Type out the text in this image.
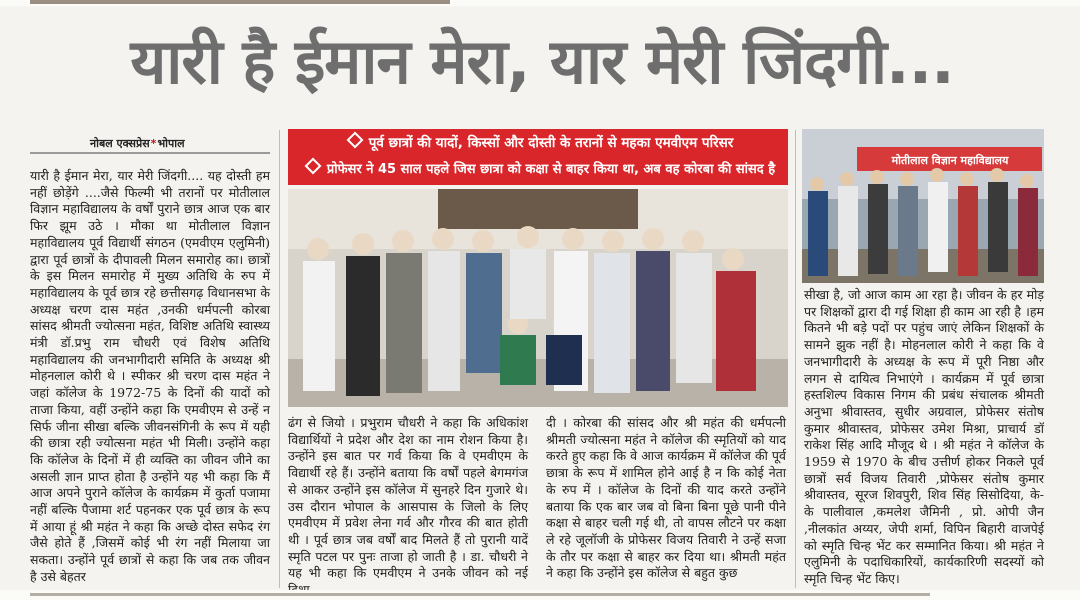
यारी है ईमान मेरा, यार मेरी जिंदगी...
नोबल एक्सप्रेस*भोपाल

यारी है ईमान मेरा, यार मेरी जिंदगी.... यह दोस्ती हम नहीं छोड़ेंगे ....जैसे फिल्मी भी तरानों पर मोतीलाल विज्ञान महाविद्यालय के वर्षों पुराने छात्र आज एक बार फिर झूम उठे । मौका था मोतीलाल विज्ञान महाविद्यालय पूर्व विद्यार्थी संगठन (एमवीएम एलुमिनी) द्वारा पूर्व छात्रों के दीपावली मिलन समारोह का। छात्रों के इस मिलन समारोह में मुख्य अतिथि के रुप में महाविद्यालय के पूर्व छात्र रहे छत्तीसगढ़ विधानसभा के अध्यक्ष चरण दास महंत ,उनकी धर्मपत्नी कोरबा सांसद श्रीमती ज्योत्सना महंत, विशिष्ट अतिथि स्वास्थ्य मंत्री डॉ.प्रभु राम चौधरी एवं विशेष अतिथि महाविद्यालय की जनभागीदारी समिति के अध्यक्ष श्री मोहनलाल कोरी थे । स्पीकर श्री चरण दास महंत ने जहां कॉलेज के 1972-75 के दिनों की यादों को ताजा किया, वहीं उन्होंने कहा कि एमवीएम से उन्हें न सिर्फ जीना सीखा बल्कि जीवनसंगिनी के रूप में यही की छात्रा रही ज्योत्सना महंत भी मिली। उन्होंने कहा कि कॉलेज के दिनों में ही व्यक्ति का जीवन जीने का असली ज्ञान प्राप्त होता है उन्होंने यह भी कहा कि मैं आज अपने पुराने कॉलेज के कार्यक्रम में कुर्ता पजामा नहीं बल्कि पैजामा शर्ट पहनकर एक पूर्व छात्र के रूप में आया हूं श्री महंत ने कहा कि अच्छे दोस्त सफेद रंग जैसे होते हैं ,जिसमें कोई भी रंग नहीं मिलाया जा सकता। उन्होंने पूर्व छात्रों से कहा कि जब तक जीवन है उसे बेहतर

पूर्व छात्रों की यादों, किस्सों और दोस्ती के तरानों से महका एमवीएम परिसर
प्रोफेसर ने 45 साल पहले जिस छात्रा को कक्षा से बाहर किया था, अब वह कोरबा की सांसद है
मोतीलाल विज्ञान महाविद्यालय

ढंग से जियो । प्रभुराम चौधरी ने कहा कि अधिकांश विद्यार्थियों ने प्रदेश और देश का नाम रोशन किया है। उन्होंने इस बात पर गर्व किया कि वे एमवीएम के विद्यार्थी रहे हैं। उन्होंने बताया कि वर्षों पहले बेगमगंज से आकर उन्होंने इस कॉलेज में सुनहरे दिन गुजारे थे। उस दौरान भोपाल के आसपास के जिलो के लिए एमवीएम में प्रवेश लेना गर्व और गौरव की बात होती थी । पूर्व छात्र जब वर्षों बाद मिलते हैं तो पुरानी यादें स्मृति पटल पर पुनः ताजा हो जाती है । डा. चौधरी ने यह भी कहा कि एमवीएम ने उनके जीवन को नई

दी । कोरबा की सांसद और श्री महंत की धर्मपत्नी श्रीमती ज्योत्सना महंत ने कॉलेज की स्मृतियों को याद करते हुए कहा कि वे आज कार्यक्रम में कॉलेज की पूर्व छात्रा के रूप में शामिल होने आई है न कि कोई नेता के रुप में । कॉलेज के दिनों की याद करते उन्होंने बताया कि एक बार जब वो बिना बिना पूछे पानी पीने कक्षा से बाहर चली गई थी, तो वापस लौटने पर कक्षा ले रहे जूलॉजी के प्रोफेसर विजय तिवारी ने उन्हें सजा के तौर पर कक्षा से बाहर कर दिया था। श्रीमती महंत ने कहा कि उन्होंने इस कॉलेज से बहुत कुछ

सीखा है, जो आज काम आ रहा है। जीवन के हर मोड़ पर शिक्षकों द्वारा दी गई शिक्षा ही काम आ रही है ।हम कितने भी बड़े पदों पर पहुंच जाएं लेकिन शिक्षकों के सामने झुक नहीं है। मोहनलाल कोरी ने कहा कि वे जनभागीदारी के अध्यक्ष के रूप में पूरी निष्ठा और लगन से दायित्व निभाएंगे । कार्यक्रम में पूर्व छात्रा हस्तशिल्प विकास निगम की प्रबंध संचालक श्रीमती अनुभा श्रीवास्तव, सुधीर अग्रवाल, प्रोफेसर संतोष कुमार श्रीवास्तव, प्रोफेसर उमेश मिश्रा, प्राचार्य डॉ राकेश सिंह आदि मौजूद थे । श्री महंत ने कॉलेज के 1959 से 1970 के बीच उत्तीर्ण होकर निकले पूर्व छात्रों सर्व विजय तिवारी ,प्रोफेसर संतोष कुमार श्रीवास्तव, सूरज शिवपुरी, शिव सिंह सिसोदिया, के- के पालीवाल ,कमलेश जैमिनी , प्रो. ओपी जैन ,नीलकांत अय्यर, जेपी शर्मा, विपिन बिहारी वाजपेई को स्मृति चिन्ह भेंट कर सम्मानित किया। श्री महंत ने एलुमिनी के पदाधिकारियों, कार्यकारिणी सदस्यों को स्मृति चिन्ह भेंट किए।
